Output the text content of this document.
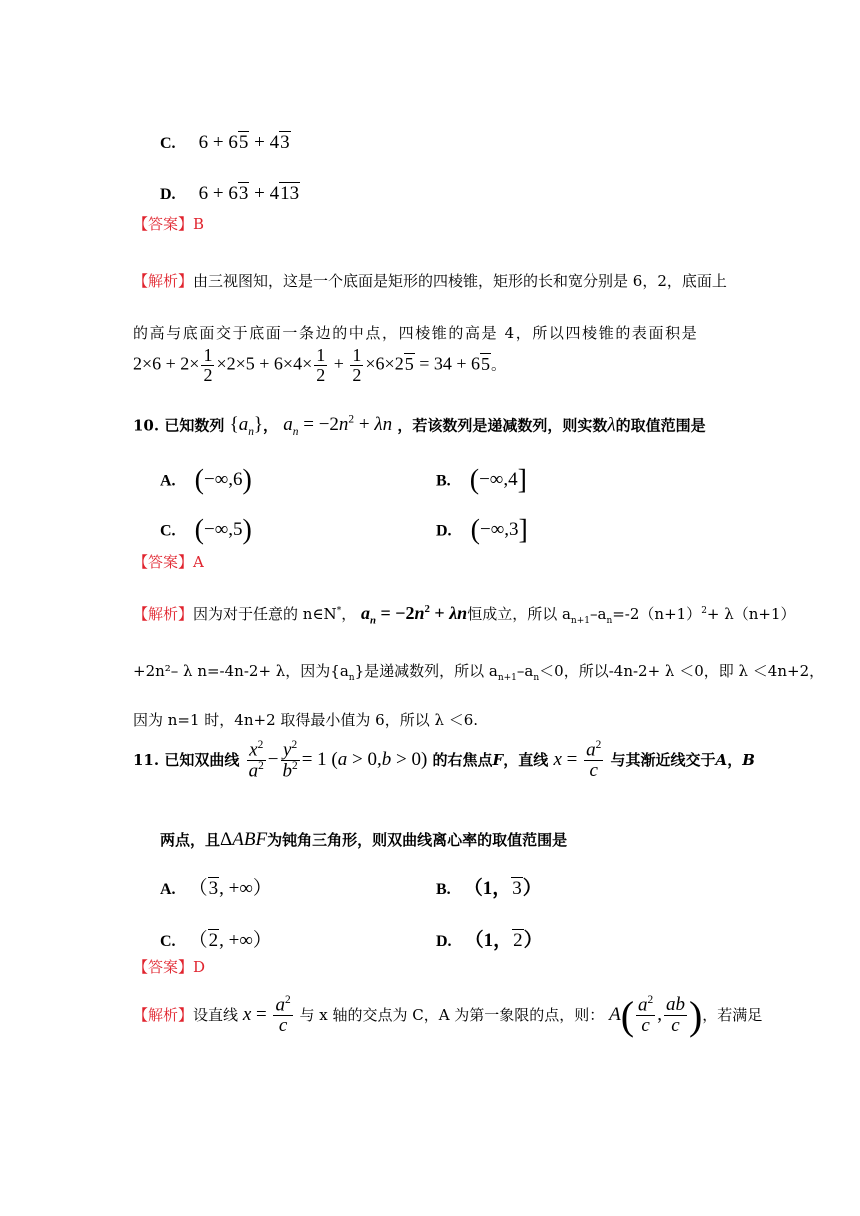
C. 6 + 65 + 43
D. 6 + 63 + 413
【答案】B
【解析】由三视图知，这是一个底面是矩形的四棱锥，矩形的长和宽分别是 6，2，底面上
的高与底面交于底面一条边的中点，四棱锥的高是 4，所以四棱锥的表面积是
$2\times 6 + 2\times \frac{1}{2} \times 2\times 5 + 6\times 4\times \frac{1}{2} + \frac{1}{2} \times 6\times 25 = 34 + 65$。
10. 已知数列 $\{a_n\}$， $a_n = -2n^2 + \lambda n$ ，若该数列是递减数列，则实数λ的取值范围是
A. (−∞,6)	B. (−∞,4]
C. (−∞,5)	D. (−∞,3]
【答案】A
【解析】因为对于任意的 n∈N*， $a_n = -2n^2 + \lambda n$恒成立，所以 $a_{n+1}-a_n=-2(n+1)^2+ \lambda(n+1)$
+2n²– λ n=-4n-2+ λ，因为$\{a_n\}$是递减数列，所以 $a_{n+1}-a_n<0$，所以-4n-2+ λ ＜0，即 λ ＜4n+2，
因为 n=1 时，4n+2 取得最小值为 6，所以 λ ＜6.
11. 已知双曲线 $\frac{x^2}{a^2} - \frac{y^2}{b^2} = 1$ (a > 0,b > 0) 的右焦点F，直线 $x = \frac{a^2}{c}$ 与其渐近线交于A，B
两点，且ΔABF为钝角三角形，则双曲线离心率的取值范围是
A. （3, +∞）	B. （1，3）
C. （2, +∞）	D. （1，2）
【答案】D
【解析】设直线 $x = \frac{a^2}{c}$ 与 x 轴的交点为 C，A 为第一象限的点，则： $A( \frac{a^2}{c}$ , $\frac{ab}{c}$ )，若满足
